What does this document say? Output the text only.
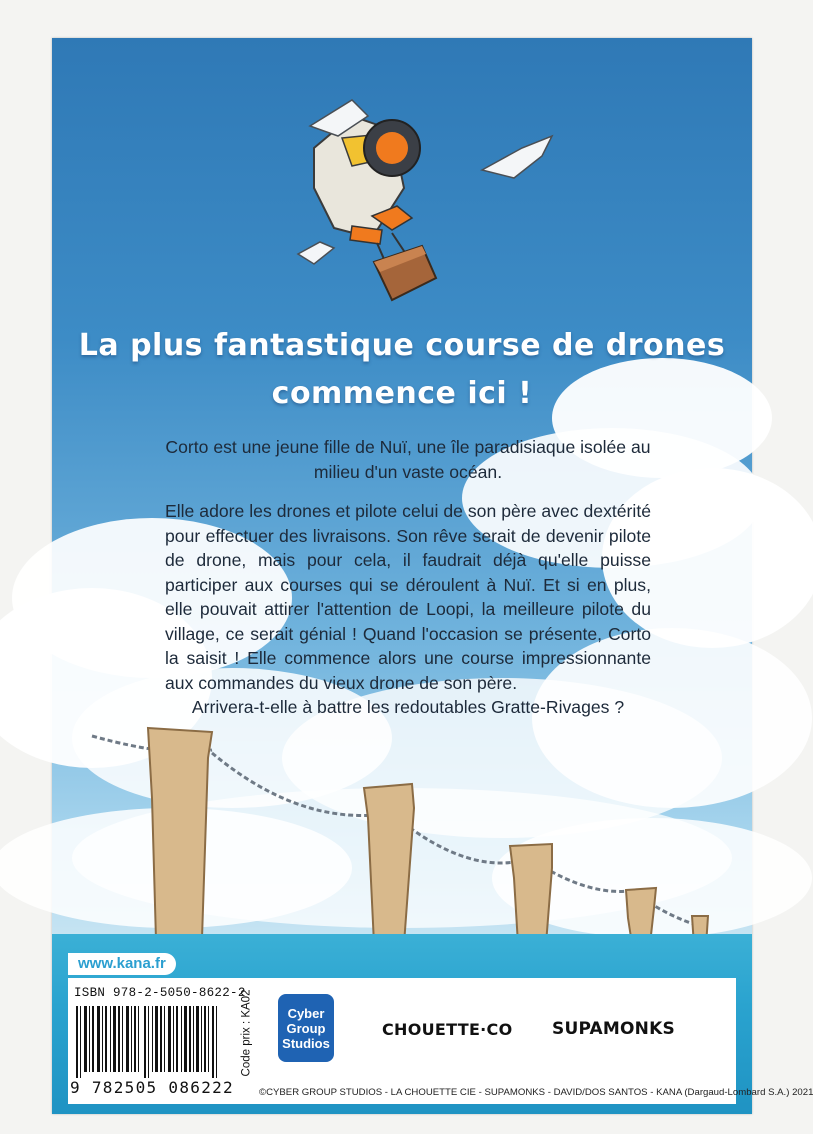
La plus fantastique course de drones
commence ici !
Corto est une jeune fille de Nuï, une île paradisiaque isolée au milieu d'un vaste océan.
Elle adore les drones et pilote celui de son père avec dextérité pour effectuer des livraisons. Son rêve serait de devenir pilote de drone, mais pour cela, il faudrait déjà qu'elle puisse participer aux courses qui se déroulent à Nuï. Et si en plus, elle pouvait attirer l'attention de Loopi, la meilleure pilote du village, ce serait génial ! Quand l'occasion se présente, Corto la saisit ! Elle commence alors une course impressionnante aux commandes du vieux drone de son père.
Arrivera-t-elle à battre les redoutables Gratte-Rivages ?
www.kana.fr
ISBN 978-2-5050-8622-2
9 782505 086222
Code prix : KA02	Cyber
Group
Studios
CHOUETTE·CO SUPAMONKS
©CYBER GROUP STUDIOS - LA CHOUETTE CIE - SUPAMONKS - DAVID/DOS SANTOS - KANA (Dargaud-Lombard S.A.) 2021
